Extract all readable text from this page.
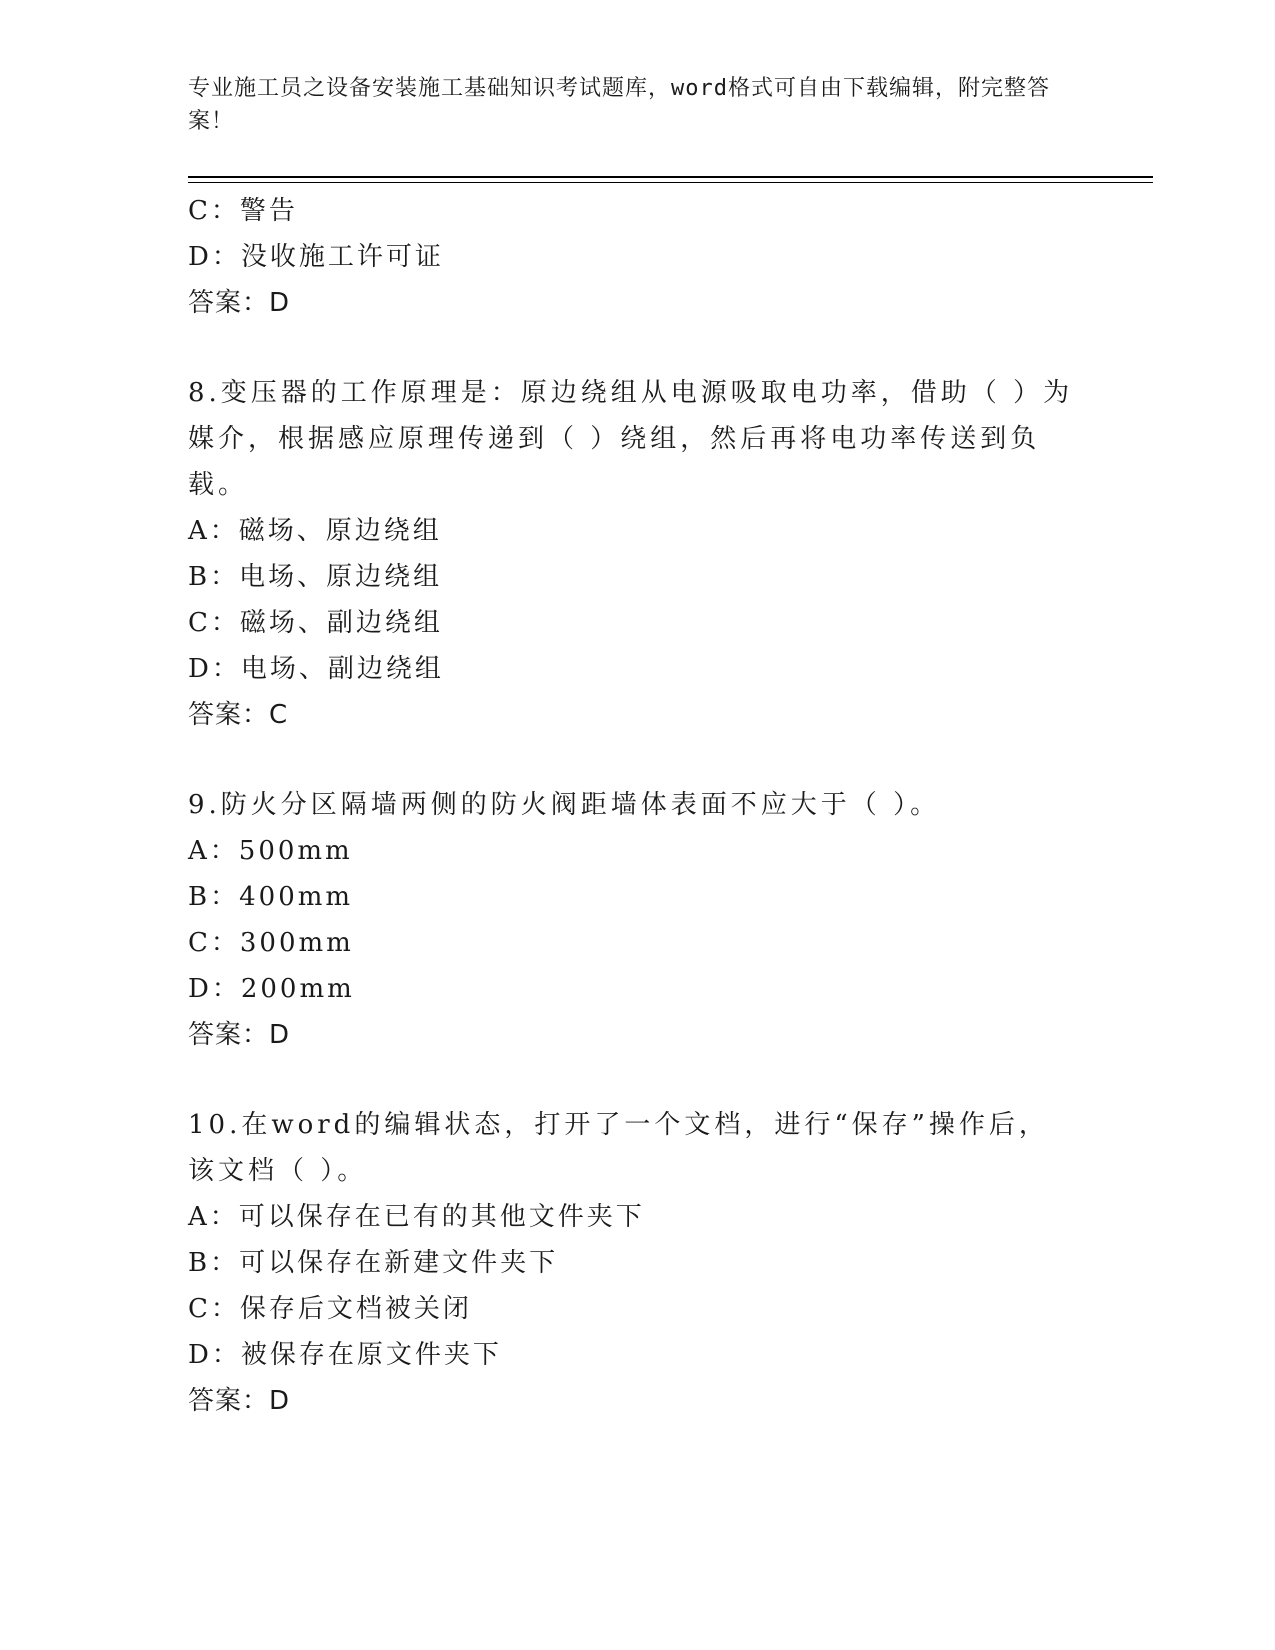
专业施工员之设备安装施工基础知识考试题库，word格式可自由下载编辑，附完整答案！
C：警告
D：没收施工许可证
答案：D
8.变压器的工作原理是：原边绕组从电源吸取电功率，借助（ ）为媒介，根据感应原理传递到（ ）绕组，然后再将电功率传送到负载。
A：磁场、原边绕组
B：电场、原边绕组
C：磁场、副边绕组
D：电场、副边绕组
答案：C
9.防火分区隔墙两侧的防火阀距墙体表面不应大于（ ）。
A：500mm
B：400mm
C：300mm
D：200mm
答案：D
10.在word的编辑状态，打开了一个文档，进行“保存”操作后，该文档（ ）。
A：可以保存在已有的其他文件夹下
B：可以保存在新建文件夹下
C：保存后文档被关闭
D：被保存在原文件夹下
答案：D
